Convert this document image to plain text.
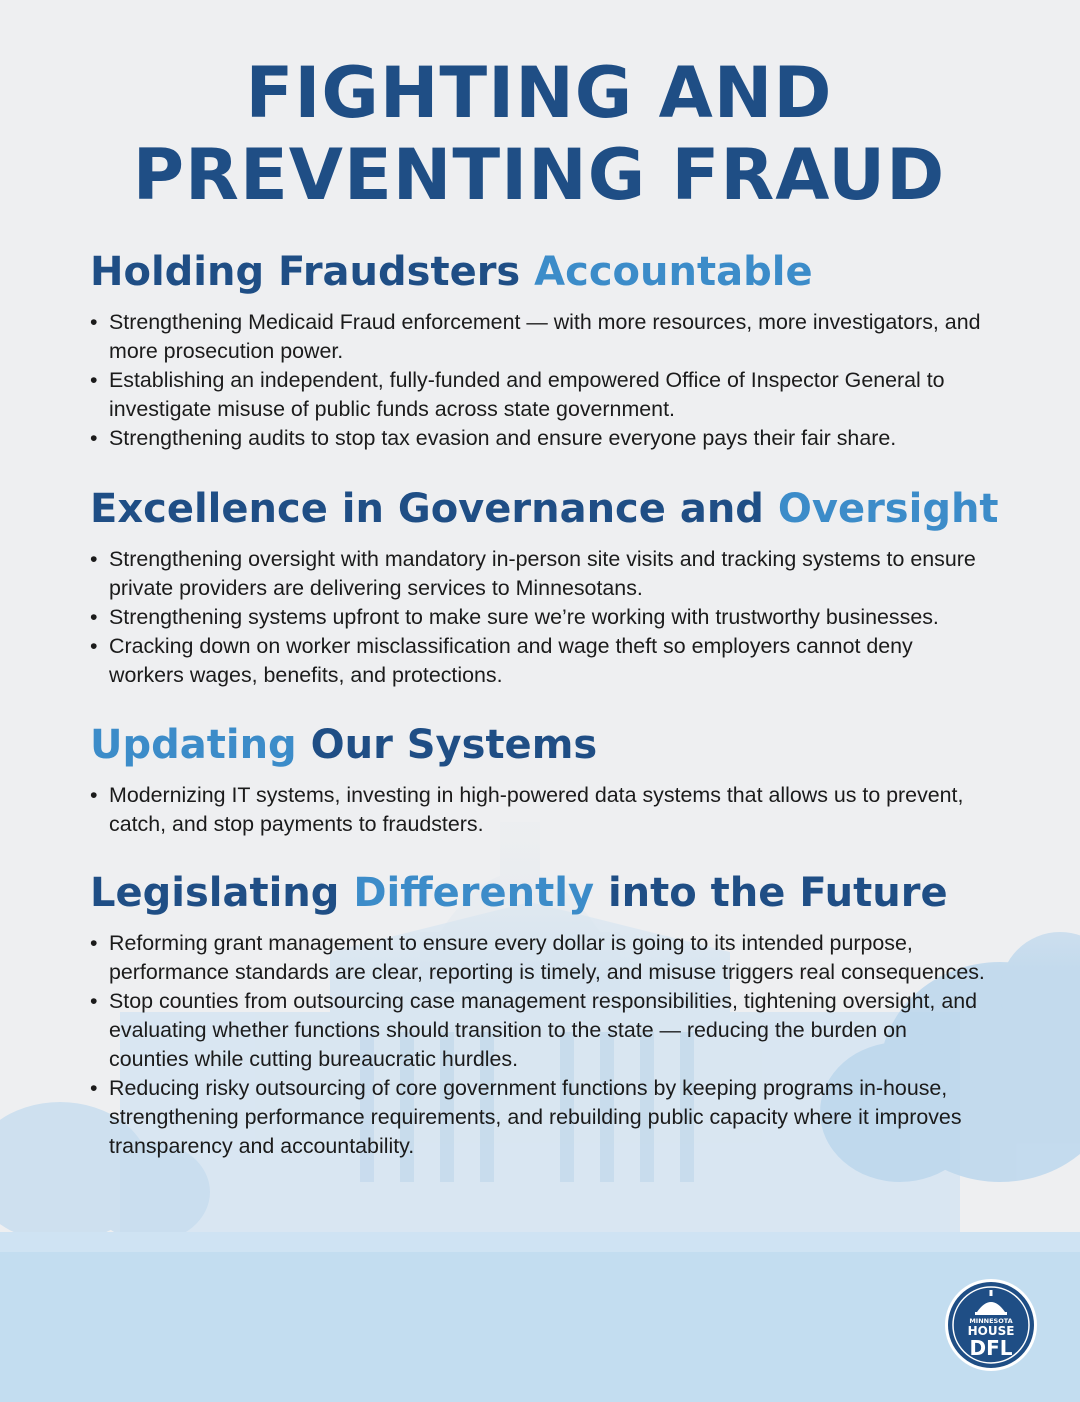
FIGHTING AND
PREVENTING FRAUD
Holding Fraudsters Accountable
• Strengthening Medicaid Fraud enforcement — with more resources, more investigators, and more prosecution power.
• Establishing an independent, fully-funded and empowered Office of Inspector General to investigate misuse of public funds across state government.
• Strengthening audits to stop tax evasion and ensure everyone pays their fair share.
Excellence in Governance and Oversight
• Strengthening oversight with mandatory in-person site visits and tracking systems to ensure private providers are delivering services to Minnesotans.
• Strengthening systems upfront to make sure we’re working with trustworthy businesses.
• Cracking down on worker misclassification and wage theft so employers cannot deny workers wages, benefits, and protections.
Updating Our Systems
• Modernizing IT systems, investing in high-powered data systems that allows us to prevent, catch, and stop payments to fraudsters.
Legislating Differently into the Future
• Reforming grant management to ensure every dollar is going to its intended purpose, performance standards are clear, reporting is timely, and misuse triggers real consequences.
• Stop counties from outsourcing case management responsibilities, tightening oversight, and evaluating whether functions should transition to the state — reducing the burden on counties while cutting bureaucratic hurdles.
• Reducing risky outsourcing of core government functions by keeping programs in-house, strengthening performance requirements, and rebuilding public capacity where it improves transparency and accountability.
MINNESOTA
HOUSE
DFL
